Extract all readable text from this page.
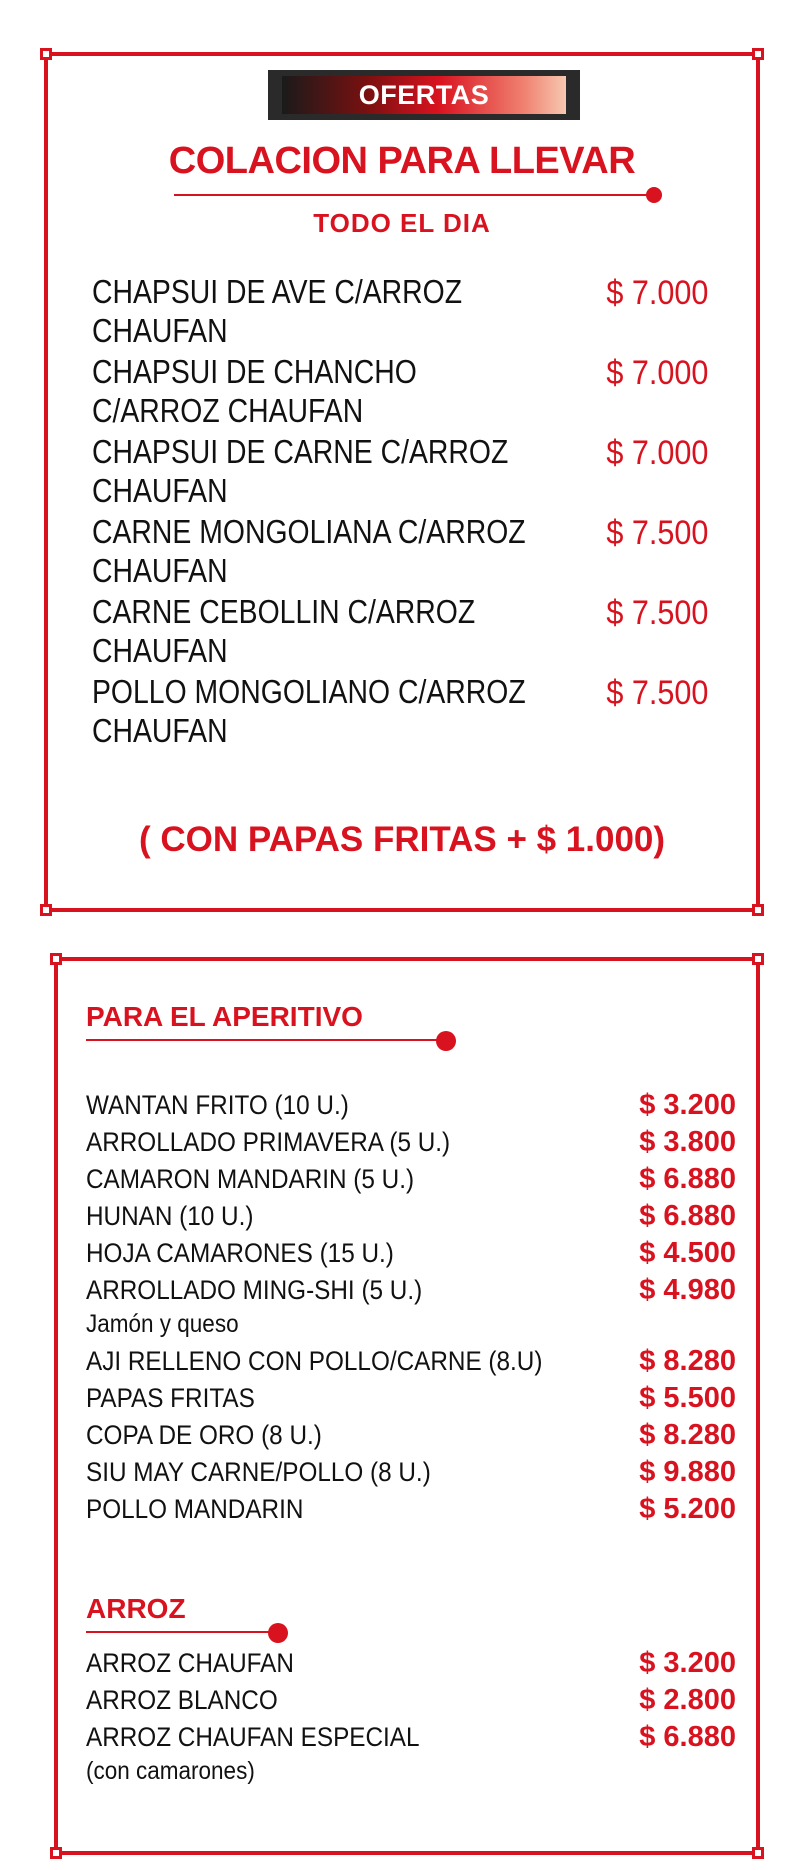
OFERTAS
COLACION PARA LLEVAR
TODO EL DIA
CHAPSUI DE AVE C/ARROZ CHAUFAN
$ 7.000
CHAPSUI DE CHANCHO C/ARROZ CHAUFAN
$ 7.000
CHAPSUI DE CARNE C/ARROZ CHAUFAN
$ 7.000
CARNE MONGOLIANA C/ARROZ CHAUFAN
$ 7.500
CARNE CEBOLLIN C/ARROZ CHAUFAN
$ 7.500
POLLO MONGOLIANO C/ARROZ CHAUFAN
$ 7.500
( CON PAPAS FRITAS + $ 1.000)
PARA EL APERITIVO
WANTAN FRITO (10 U.)	$ 3.200
ARROLLADO PRIMAVERA (5 U.)	$ 3.800
CAMARON MANDARIN (5 U.)	$ 6.880
HUNAN (10 U.)	$ 6.880
HOJA CAMARONES (15 U.)	$ 4.500
ARROLLADO MING-SHI (5 U.)	$ 4.980
Jamón y queso
AJI RELLENO CON POLLO/CARNE (8.U)	$ 8.280
PAPAS FRITAS	$ 5.500
COPA DE ORO (8 U.)	$ 8.280
SIU MAY CARNE/POLLO (8 U.)	$ 9.880
POLLO MANDARIN	$ 5.200
ARROZ
ARROZ CHAUFAN	$ 3.200
ARROZ BLANCO	$ 2.800
ARROZ CHAUFAN ESPECIAL	$ 6.880
(con camarones)
